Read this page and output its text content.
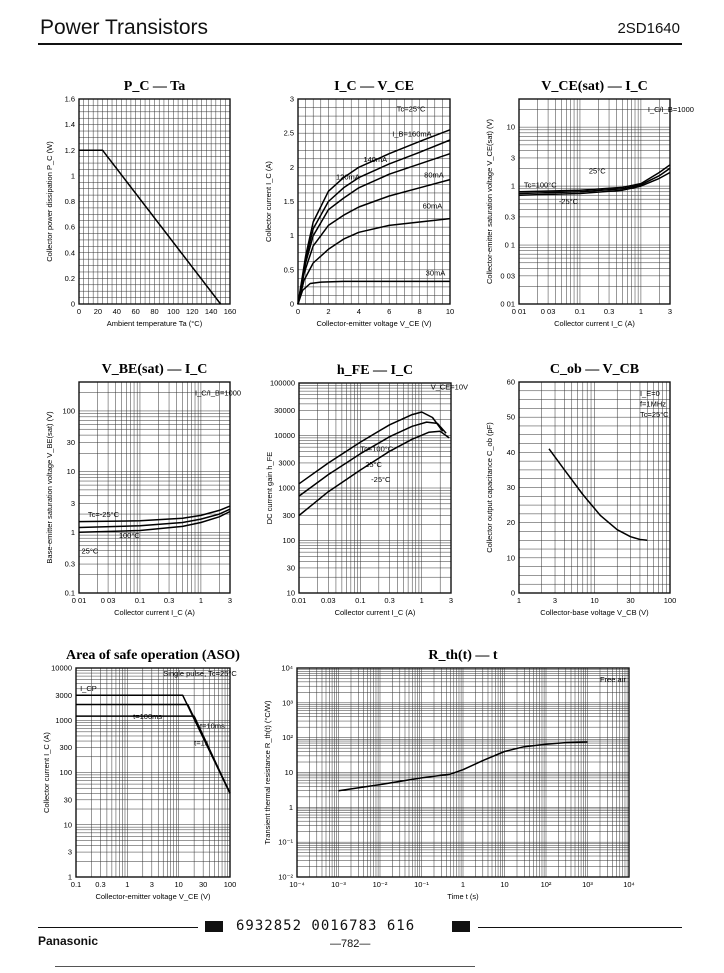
Power Transistors	2SD1640
P_C — Ta
0 20 40 60 80 100 120 140 160
0
0.2
0.4
0.6
0.8
1
1.2
1.4
1.6
Ambient temperature Ta (°C)
Collector power dissipation P_C (W)
I_C — V_CE
0	2	4	6	8	10
0
0.5
1
1.5
2
2.5
3
Collector-emitter voltage V_CE (V)
Collector current I_C (A)
Tc=25°C
I_B=160mA
140mA
120mA	80mA
60mA
30mA
V_CE(sat) — I_C
0 01 0 03	0.1 0.3	1	3
0 01
0 03
0 1
0.3
1
3
10
Collector current I_C (A)
Collector-emitter saturation voltage V_CE(sat) (V)
I_C/I_B=1000
25°C
Tc=100°C
-25°C
V_BE(sat) — I_C
0 01 0 03	0.1 0.3	1	3
0.1
0.3
1
3
10
30
100
Collector current I_C (A)
Base-emitter saturation voltage V_BE(sat) (V)
I_C/I_B=1000
Tc=-25°C
100°C
25°C
h_FE — I_C
0.01 0.03	0.1	0.3	1	3
10
30
100
300
1000
3000
10000
30000
100000
Collector current I_C (A)
DC current gain h_FE
V_CE=10V
Tc=100°C
25°C
-25°C
C_ob — V_CB
1	3	10	30	100
0
10
20
30
40
50
60
Collector-base voltage V_CB (V)
Collector output capacitance C_ob (pF)
I_E=0
f=1MHz
Tc=25°C
Area of safe operation (ASO)
0.1 0.3	1	3	10 30 100
1
3
10
30
100
300
1000
3000
10000
Collector-emitter voltage V_CE (V)
Collector current I_C (A)
Single pulse, Tc=25°C
I_CP
t=100ms
t=10ms
t=1s
R_th(t) — t
10⁻⁴	10⁻³	10⁻²	10⁻¹	1	10	10²	10³	10⁴
10⁻²
10⁻¹
1
10
10²
10³
10⁴
Time t (s)
Transient thermal resistance R_th(t) (°C/W)
Free air
6932852 0016783 616
Panasonic	—782—
